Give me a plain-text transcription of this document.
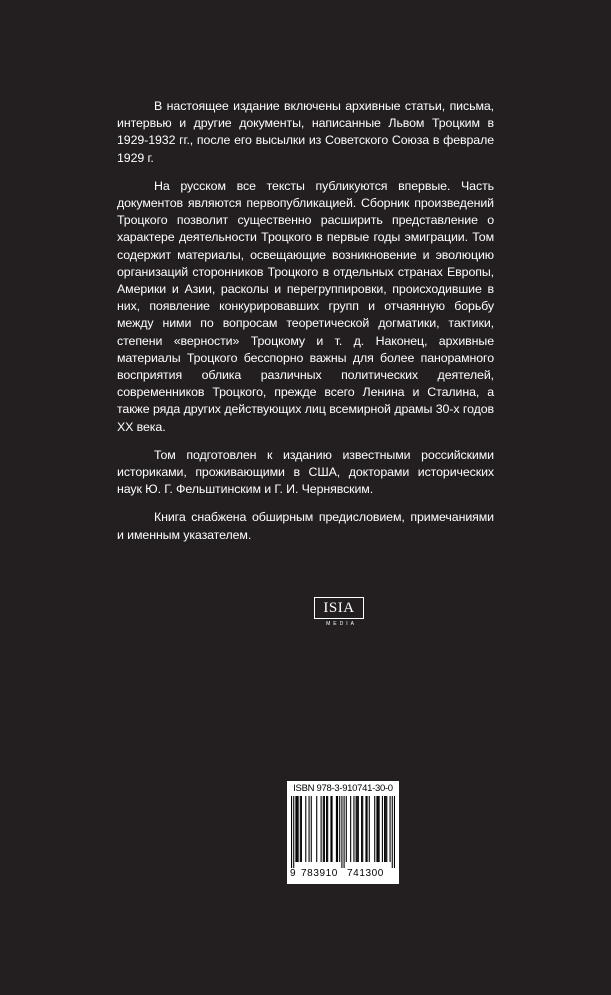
В настоящее издание включены архивные статьи, письма, интервью и другие документы, написанные Львом Троцким в 1929-1932 гг., после его высылки из Советского Союза в феврале 1929 г.

На русском все тексты публикуются впервые. Часть документов являются первопубликацией. Сборник произведений Троцкого позволит существенно расширить представление о характере деятельности Троцкого в первые годы эмиграции. Том содержит материалы, освещающие возникновение и эволюцию организаций сторонников Троцкого в отдельных странах Европы, Америки и Азии, расколы и перегруппировки, происходившие в них, появление конкурировавших групп и отчаянную борьбу между ними по вопросам теоретической догматики, тактики, степени «верности» Троцкому и т. д. Наконец, архивные материалы Троцкого бесспорно важны для более панорамного восприятия облика различных политических деятелей, современников Троцкого, прежде всего Ленина и Сталина, а также ряда других действующих лиц всемирной драмы 30-х годов XX века.

Том подготовлен к изданию известными российскими историками, проживающими в США, докторами исторических наук Ю. Г. Фельштинским и Г. И. Чернявским.

Книга снабжена обширным предисловием, примечаниями и именным указателем.

ISIA
MEDIA
ISBN 978-3-910741-30-0
9 783910 741300
